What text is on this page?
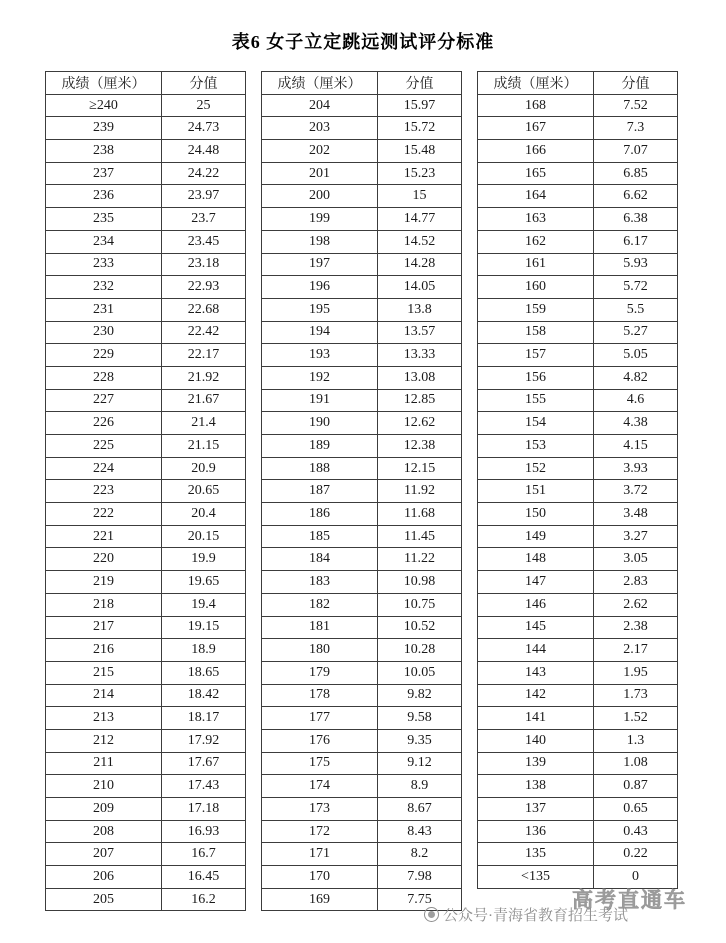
表6 女子立定跳远测试评分标准
成绩（厘米）	分值
≥240	25
239	24.73
238	24.48
237	24.22
236	23.97
235	23.7
234	23.45
233	23.18
232	22.93
231	22.68
230	22.42
229	22.17
228	21.92
227	21.67
226	21.4
225	21.15
224	20.9
223	20.65
222	20.4
221	20.15
220	19.9
219	19.65
218	19.4
217	19.15
216	18.9
215	18.65
214	18.42
213	18.17
212	17.92
211	17.67
210	17.43
209	17.18
208	16.93
207	16.7
206	16.45
205	16.2
成绩（厘米）	分值
204	15.97
203	15.72
202	15.48
201	15.23
200	15
199	14.77
198	14.52
197	14.28
196	14.05
195	13.8
194	13.57
193	13.33
192	13.08
191	12.85
190	12.62
189	12.38
188	12.15
187	11.92
186	11.68
185	11.45
184	11.22
183	10.98
182	10.75
181	10.52
180	10.28
179	10.05
178	9.82
177	9.58
176	9.35
175	9.12
174	8.9
173	8.67
172	8.43
171	8.2
170	7.98
169	7.75
成绩（厘米）	分值
168	7.52
167	7.3
166	7.07
165	6.85
164	6.62
163	6.38
162	6.17
161	5.93
160	5.72
159	5.5
158	5.27
157	5.05
156	4.82
155	4.6
154	4.38
153	4.15
152	3.93
151	3.72
150	3.48
149	3.27
148	3.05
147	2.83
146	2.62
145	2.38
144	2.17
143	1.95
142	1.73
141	1.52
140	1.3
139	1.08
138	0.87
137	0.65
136	0.43
135	0.22
<135	0
高考直通车
公众号·青海省教育招生考试
